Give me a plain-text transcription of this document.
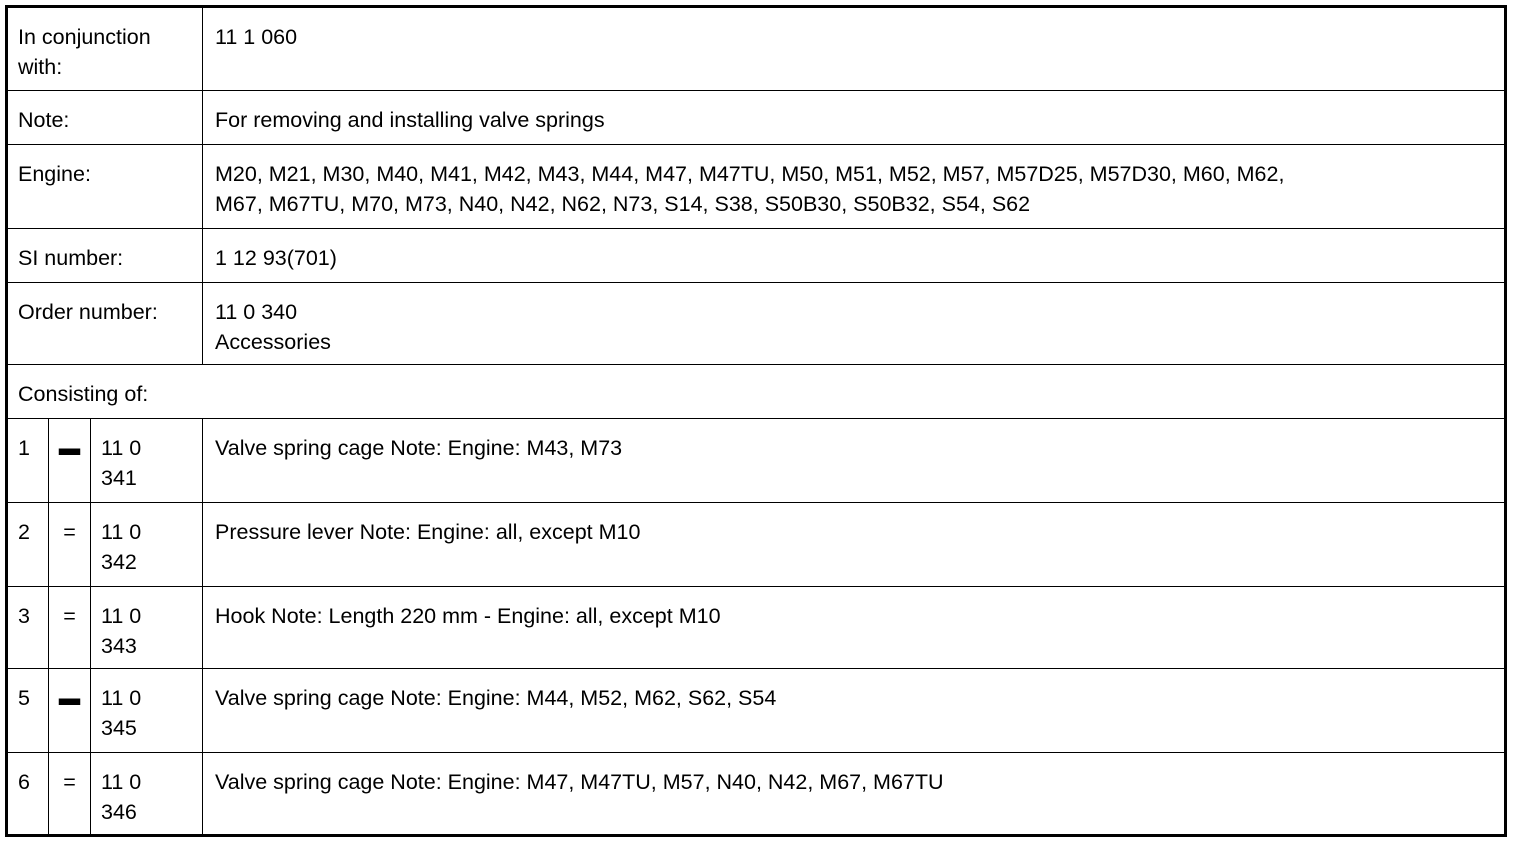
In conjunction
with:			11 1 060

Note:			For removing and installing valve springs

Engine:			M20, M21, M30, M40, M41, M42, M43, M44, M47, M47TU, M50, M51, M52, M57, M57D25, M57D30, M60, M62,
M67, M67TU, M70, M73, N40, N42, N62, N73, S14, S38, S50B30, S50B32, S54, S62

SI number:			1 12 93(701)

Order number:			11 0 340
Accessories

Consisting of:			

1	▬	11 0
341	Valve spring cage Note: Engine: M43, M73

2	=	11 0
342	Pressure lever Note: Engine: all, except M10

3	=	11 0
343	Hook Note: Length 220 mm - Engine: all, except M10

5	▬	11 0
345	Valve spring cage Note: Engine: M44, M52, M62, S62, S54

6	=	11 0
346	Valve spring cage Note: Engine: M47, M47TU, M57, N40, N42, M67, M67TU
